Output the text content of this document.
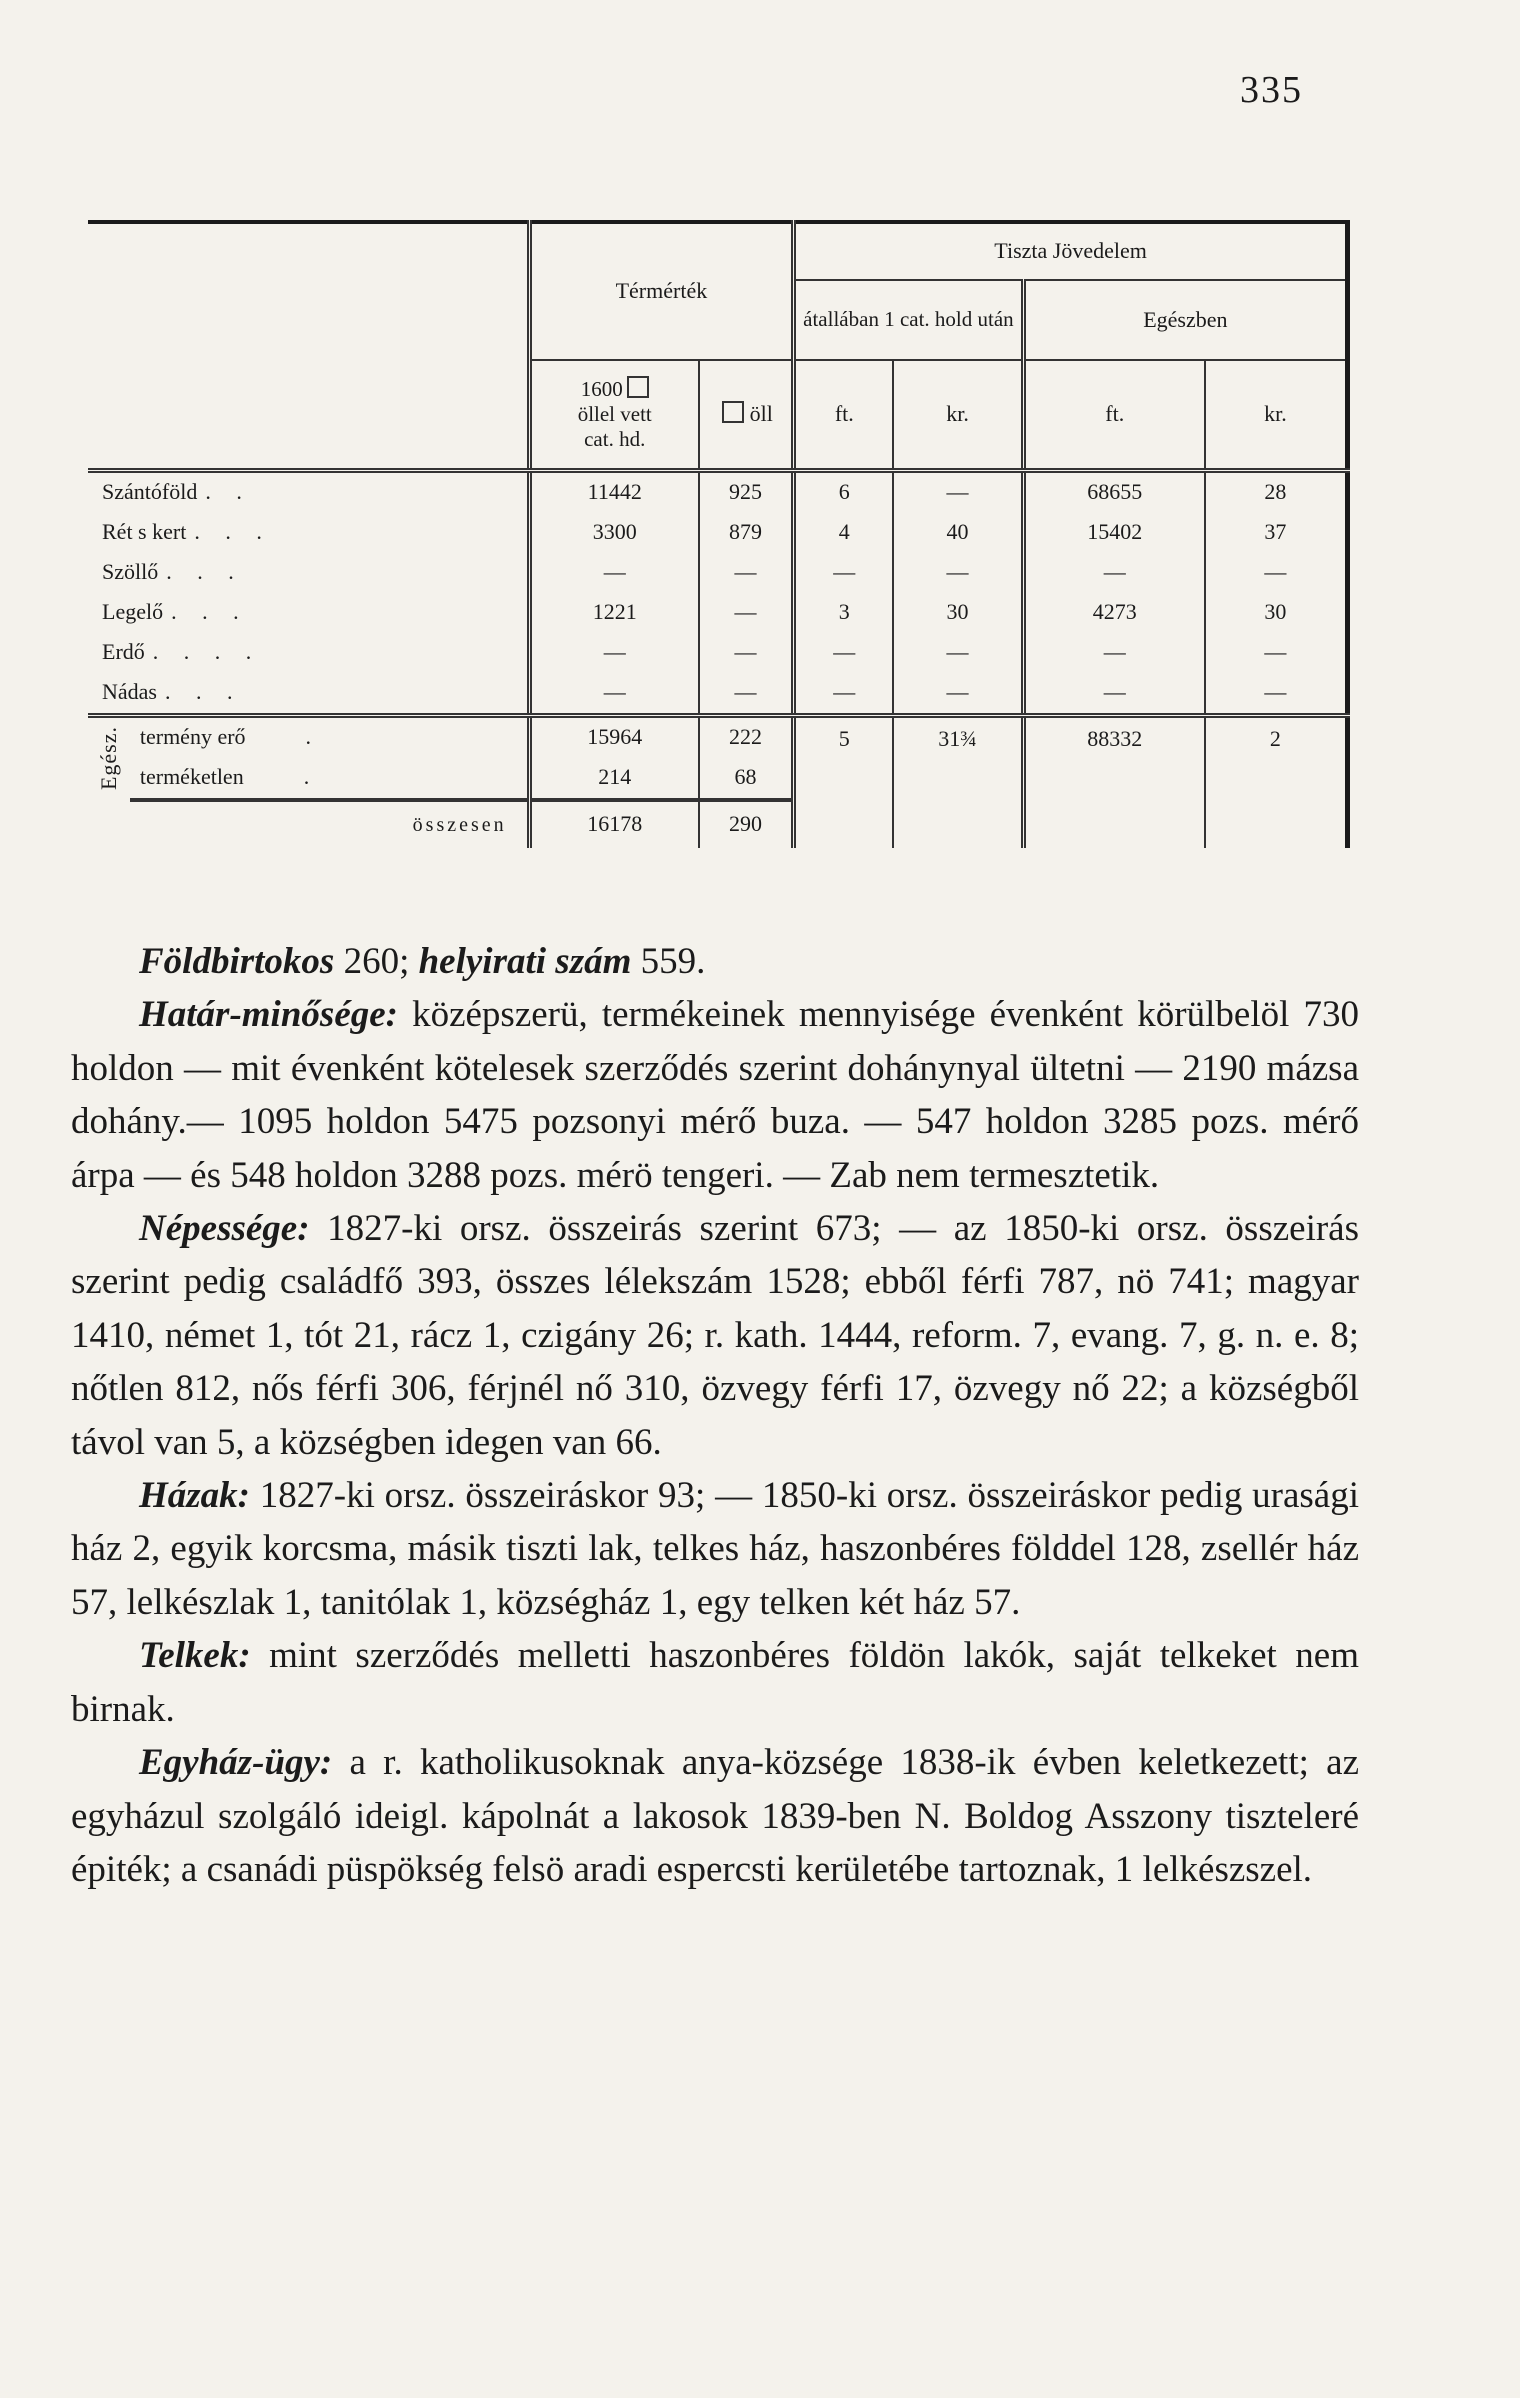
335
		Térmérték		Tiszta Jövedelem			
				átallában 1 cat. hold után		Egészben	
		1600
öllel vett
cat. hd.	öll	ft.	kr.	ft.	kr.
Szántóföld . .		11442	925	6	—	68655	28
Rét s kert . . .		3300	879	4	40	15402	37
Szöllő . . .		—	—	—	—	—	—
Legelő . . .		1221	—	3	30	4273	30
Erdő . . . .		—	—	—	—	—	—
Nádas . . .		—	—	—	—	—	—

Egész.	termény erő .	15964	222	5	31¾	88332	2
	terméketlen .	214	68				
	összesen	16178	290				

Földbirtokos 260; helyirati szám 559.

Határ-minősége: középszerü, termékeinek mennyisége évenként körülbelöl 730 holdon — mit évenként kötelesek szerződés szerint dohánynyal ültetni — 2190 mázsa dohány.— 1095 holdon 5475 pozsonyi mérő buza. — 547 holdon 3285 pozs. mérő árpa — és 548 holdon 3288 pozs. mérö tengeri. — Zab nem termesztetik.

Népessége: 1827-ki orsz. összeirás szerint 673; — az 1850-ki orsz. összeirás szerint pedig családfő 393, összes lélekszám 1528; ebből férfi 787, nö 741; magyar 1410, német 1, tót 21, rácz 1, czigány 26; r. kath. 1444, reform. 7, evang. 7, g. n. e. 8; nőtlen 812, nős férfi 306, férjnél nő 310, özvegy férfi 17, özvegy nő 22; a községből távol van 5, a községben idegen van 66.

Házak: 1827-ki orsz. összeiráskor 93; — 1850-ki orsz. összeiráskor pedig urasági ház 2, egyik korcsma, másik tiszti lak, telkes ház, haszonbéres földdel 128, zsellér ház 57, lelkészlak 1, tanitólak 1, községház 1, egy telken két ház 57.

Telkek: mint szerződés melletti haszonbéres földön lakók, saját telkeket nem birnak.

Egyház-ügy: a r. katholikusoknak anya-községe 1838-ik évben keletkezett; az egyházul szolgáló ideigl. kápolnát a lakosok 1839-ben N. Boldog Asszony tiszteleré épiték; a csanádi püspökség felsö aradi espercsti kerületébe tartoznak, 1 lelkészszel.
